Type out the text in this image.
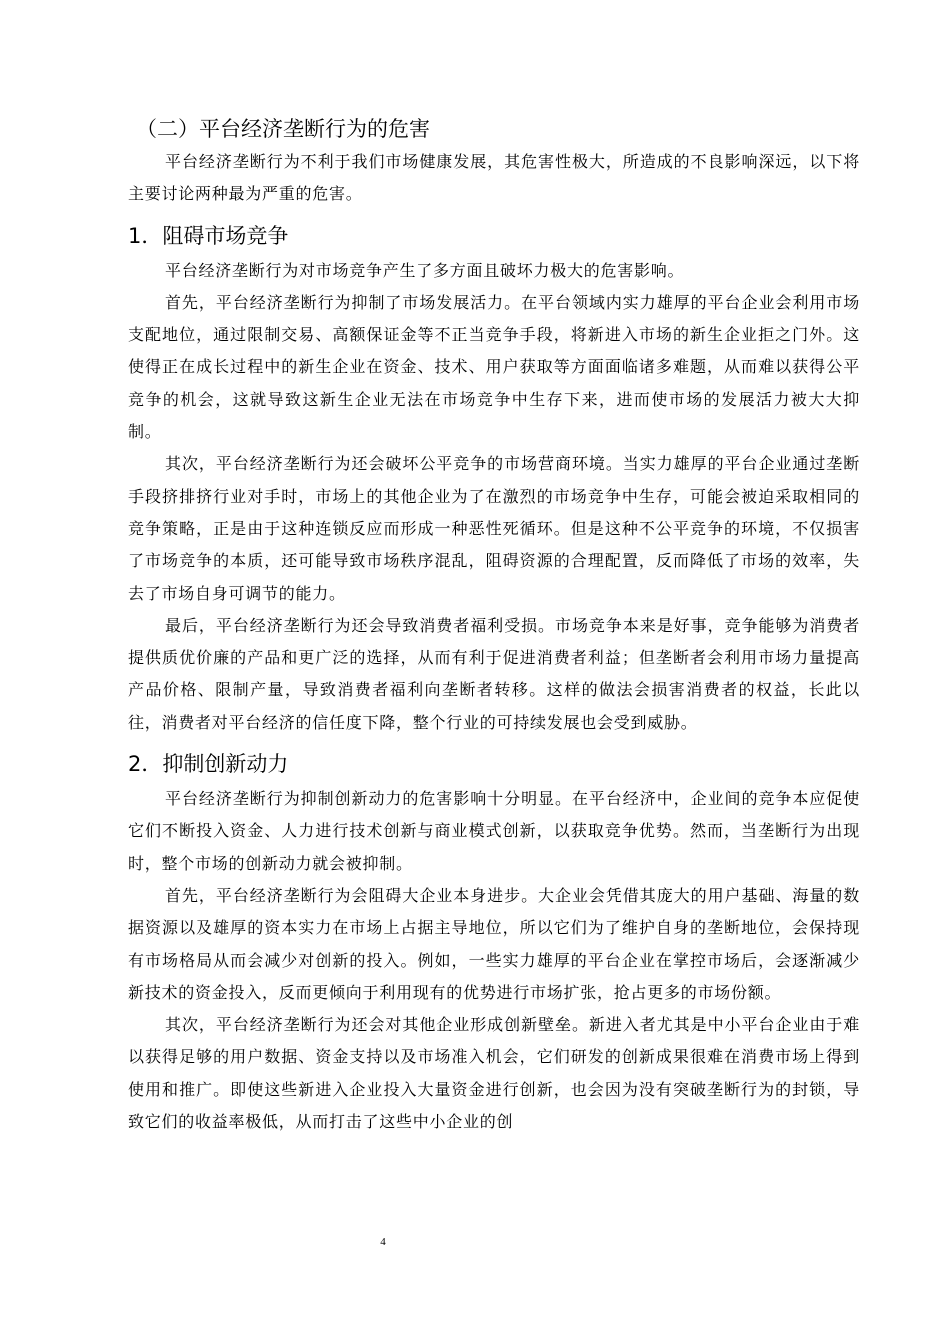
（二）平台经济垄断行为的危害

平台经济垄断行为不利于我们市场健康发展，其危害性极大，所造成的不良影响深远，以下将主要讨论两种最为严重的危害。

1．阻碍市场竞争

平台经济垄断行为对市场竞争产生了多方面且破坏力极大的危害影响。

首先，平台经济垄断行为抑制了市场发展活力。在平台领域内实力雄厚的平台企业会利用市场支配地位，通过限制交易、高额保证金等不正当竞争手段，将新进入市场的新生企业拒之门外。这使得正在成长过程中的新生企业在资金、技术、用户获取等方面面临诸多难题，从而难以获得公平竞争的机会，这就导致这新生企业无法在市场竞争中生存下来，进而使市场的发展活力被大大抑制。

其次，平台经济垄断行为还会破坏公平竞争的市场营商环境。当实力雄厚的平台企业通过垄断手段挤排挤行业对手时，市场上的其他企业为了在激烈的市场竞争中生存，可能会被迫采取相同的竞争策略，正是由于这种连锁反应而形成一种恶性死循环。但是这种不公平竞争的环境，不仅损害了市场竞争的本质，还可能导致市场秩序混乱，阻碍资源的合理配置，反而降低了市场的效率，失去了市场自身可调节的能力。

最后，平台经济垄断行为还会导致消费者福利受损。市场竞争本来是好事，竞争能够为消费者提供质优价廉的产品和更广泛的选择，从而有利于促进消费者利益；但垄断者会利用市场力量提高产品价格、限制产量，导致消费者福利向垄断者转移。这样的做法会损害消费者的权益，长此以往，消费者对平台经济的信任度下降，整个行业的可持续发展也会受到威胁。

2．抑制创新动力

平台经济垄断行为抑制创新动力的危害影响十分明显。在平台经济中，企业间的竞争本应促使它们不断投入资金、人力进行技术创新与商业模式创新，以获取竞争优势。然而，当垄断行为出现时，整个市场的创新动力就会被抑制。

首先，平台经济垄断行为会阻碍大企业本身进步。大企业会凭借其庞大的用户基础、海量的数据资源以及雄厚的资本实力在市场上占据主导地位，所以它们为了维护自身的垄断地位，会保持现有市场格局从而会减少对创新的投入。例如，一些实力雄厚的平台企业在掌控市场后，会逐渐减少新技术的资金投入，反而更倾向于利用现有的优势进行市场扩张，抢占更多的市场份额。

其次，平台经济垄断行为还会对其他企业形成创新壁垒。新进入者尤其是中小平台企业由于难以获得足够的用户数据、资金支持以及市场准入机会，它们研发的创新成果很难在消费市场上得到使用和推广。即使这些新进入企业投入大量资金进行创新，也会因为没有突破垄断行为的封锁，导致它们的收益率极低，从而打击了这些中小企业的创

4
